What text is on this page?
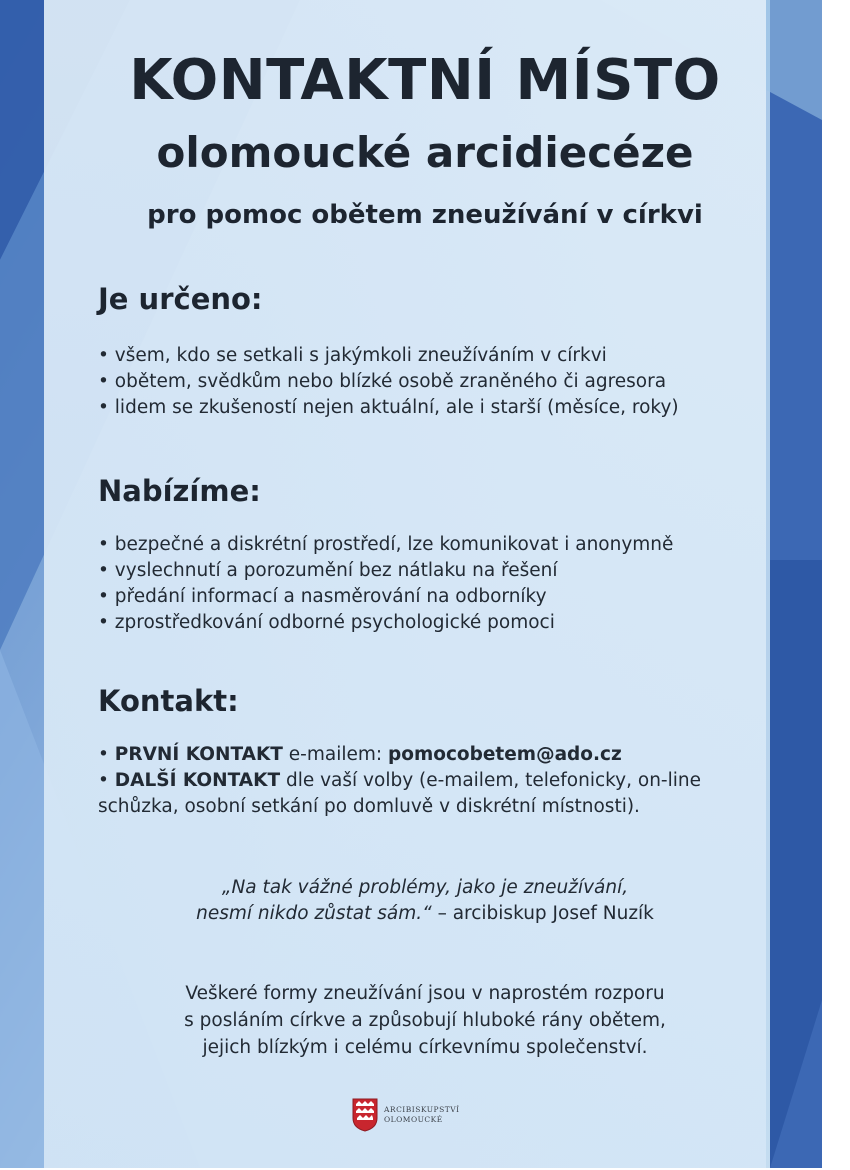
KONTAKTNÍ MÍSTO
olomoucké arcidiecéze
pro pomoc obětem zneužívání v církvi
Je určeno:
• všem, kdo se setkali s jakýmkoli zneužíváním v církvi
• obětem, svědkům nebo blízké osobě zraněného či agresora
• lidem se zkušeností nejen aktuální, ale i starší (měsíce, roky)
Nabízíme:
• bezpečné a diskrétní prostředí, lze komunikovat i anonymně
• vyslechnutí a porozumění bez nátlaku na řešení
• předání informací a nasměrování na odborníky
• zprostředkování odborné psychologické pomoci
Kontakt:
• PRVNÍ KONTAKT e-mailem: pomocobetem@ado.cz
• DALŠÍ KONTAKT dle vaší volby (e-mailem, telefonicky, on-line
schůzka, osobní setkání po domluvě v diskrétní místnosti).
„Na tak vážné problémy, jako je zneužívání,
nesmí nikdo zůstat sám.“ – arcibiskup Josef Nuzík
Veškeré formy zneužívání jsou v naprostém rozporu
s posláním církve a způsobují hluboké rány obětem,
jejich blízkým i celému církevnímu společenství.
ARCIBISKUPSTVÍ
OLOMOUCKÉ
